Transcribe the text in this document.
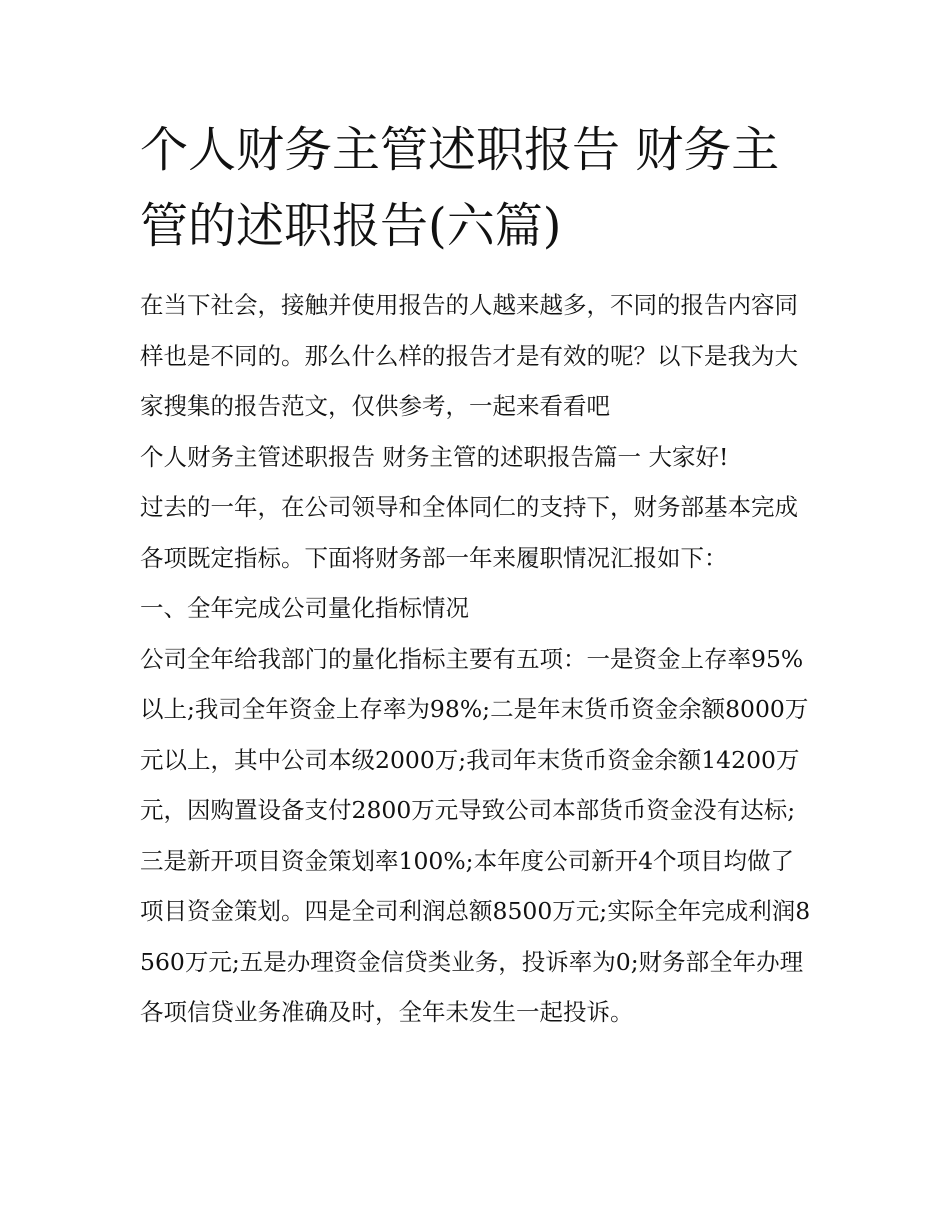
个人财务主管述职报告 财务主管的述职报告(六篇)

在当下社会，接触并使用报告的人越来越多，不同的报告内容同样也是不同的。那么什么样的报告才是有效的呢？以下是我为大家搜集的报告范文，仅供参考，一起来看看吧

个人财务主管述职报告 财务主管的述职报告篇一 大家好!

过去的一年，在公司领导和全体同仁的支持下，财务部基本完成各项既定指标。下面将财务部一年来履职情况汇报如下：

一、全年完成公司量化指标情况

公司全年给我部门的量化指标主要有五项：一是资金上存率95%以上;我司全年资金上存率为98%;二是年末货币资金余额8000万元以上，其中公司本级2000万;我司年末货币资金余额14200万元，因购置设备支付2800万元导致公司本部货币资金没有达标;三是新开项目资金策划率100%;本年度公司新开4个项目均做了项目资金策划。四是全司利润总额8500万元;实际全年完成利润8560万元;五是办理资金信贷类业务，投诉率为0;财务部全年办理各项信贷业务准确及时，全年未发生一起投诉。
